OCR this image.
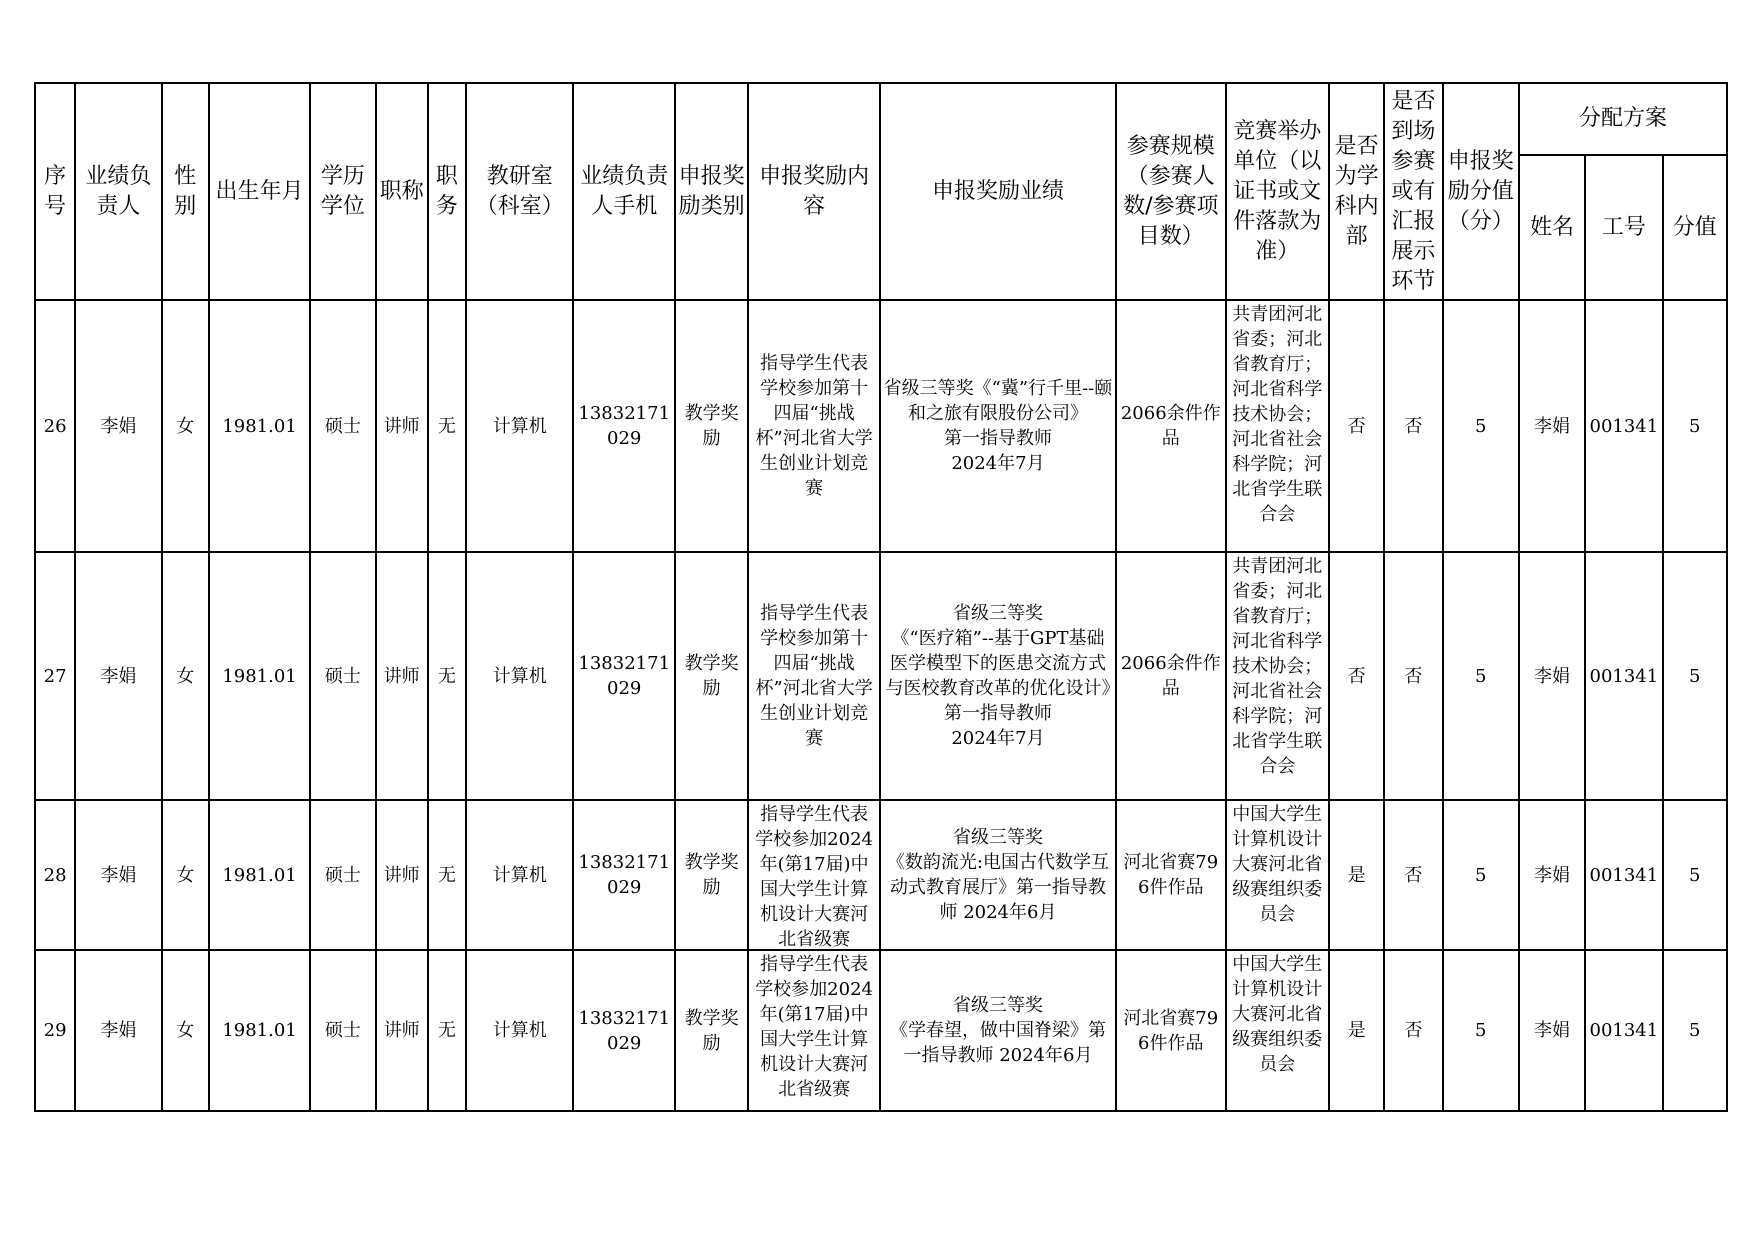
序号	业绩负责人	性别	出生年月	学历学位	职称	职务	教研室（科室）	业绩负责人手机	申报奖励类别	申报奖励内容	申报奖励业绩	参赛规模（参赛人数/参赛项目数）	竞赛举办单位（以证书或文件落款为准）	是否为学科内部	是否到场参赛或有汇报展示环节	申报奖励分值（分）	分配方案		
																	姓名	工号	分值

26	李娟	女	1981.01	硕士	讲师	无	计算机	13832171029	教学奖励	指导学生代表学校参加第十四届“挑战杯”河北省大学生创业计划竞赛	省级三等奖《“冀”行千里--颐和之旅有限股份公司》
第一指导教师
2024年7月	2066余件作品	共青团河北省委；河北省教育厅；河北省科学技术协会；河北省社会科学院；河北省学生联合会	否	否	5	李娟	001341	5

27	李娟	女	1981.01	硕士	讲师	无	计算机	13832171029	教学奖励	指导学生代表学校参加第十四届“挑战杯”河北省大学生创业计划竞赛	省级三等奖
《“医疗箱”--基于GPT基础医学模型下的医患交流方式与医校教育改革的优化设计》第一指导教师
2024年7月	2066余件作品	共青团河北省委；河北省教育厅；河北省科学技术协会；河北省社会科学院；河北省学生联合会	否	否	5	李娟	001341	5

28	李娟	女	1981.01	硕士	讲师	无	计算机	13832171029	教学奖励	指导学生代表学校参加2024年(第17届)中国大学生计算机设计大赛河北省级赛	省级三等奖
《数韵流光:电国古代数学互动式教育展厅》第一指导教师 2024年6月	河北省赛796件作品	中国大学生计算机设计大赛河北省级赛组织委员会	是	否	5	李娟	001341	5

29	李娟	女	1981.01	硕士	讲师	无	计算机	13832171029	教学奖励	指导学生代表学校参加2024年(第17届)中国大学生计算机设计大赛河北省级赛	省级三等奖
《学春望，做中国脊梁》第一指导教师 2024年6月	河北省赛796件作品	中国大学生计算机设计大赛河北省级赛组织委员会	是	否	5	李娟	001341	5
